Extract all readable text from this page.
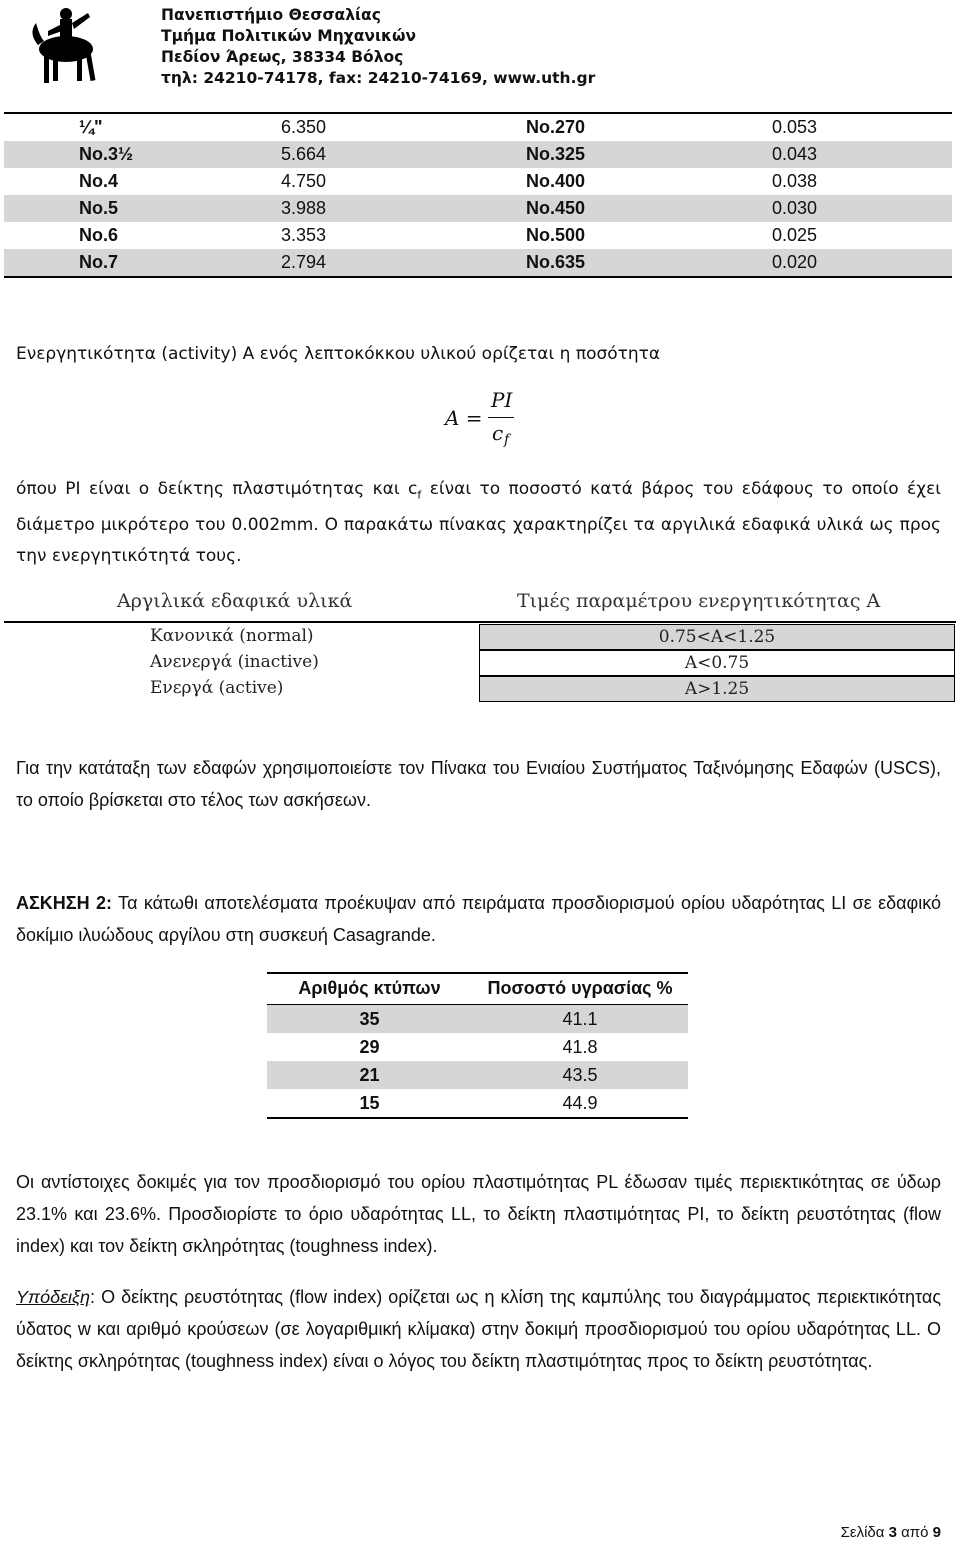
Πανεπιστήμιο Θεσσαλίας
Τμήμα Πολιτικών Μηχανικών
Πεδίον Άρεως, 38334 Βόλος
τηλ: 24210-74178, fax: 24210-74169, www.uth.gr
¼"	6.350	No.270	0.053
No.3½	5.664	No.325	0.043
No.4	4.750	No.400	0.038
No.5	3.988	No.450	0.030
No.6	3.353	No.500	0.025
No.7	2.794	No.635	0.020
Ενεργητικότητα (activity) A ενός λεπτοκόκκου υλικού ορίζεται η ποσότητα
A =
PI
c f
όπου PI είναι ο δείκτης πλαστιμότητας και $c_f$ είναι το ποσοστό κατά βάρος του εδάφους το οποίο έχει διάμετρο μικρότερο του 0.002mm. Ο παρακάτω πίνακας χαρακτηρίζει τα αργιλικά εδαφικά υλικά ως προς την ενεργητικότητά τους.
Αργιλικά εδαφικά υλικά	Τιμές παραμέτρου ενεργητικότητας A
Κανονικά (normal)	0.75<A<1.25
Ανενεργά (inactive)	A<0.75
Ενεργά (active)	A>1.25
Για την κατάταξη των εδαφών χρησιμοποιείστε τον Πίνακα του Ενιαίου Συστήματος Ταξινόμησης Εδαφών (USCS), το οποίο βρίσκεται στο τέλος των ασκήσεων.
ΑΣΚΗΣΗ 2: Τα κάτωθι αποτελέσματα προέκυψαν από πειράματα προσδιορισμού ορίου υδαρότητας LI σε εδαφικό δοκίμιο ιλυώδους αργίλου στη συσκευή Casagrande.
Αριθμός κτύπων	Ποσοστό υγρασίας %
35	41.1
29	41.8
21	43.5
15	44.9
Οι αντίστοιχες δοκιμές για τον προσδιορισμό του ορίου πλαστιμότητας PL έδωσαν τιμές περιεκτικότητας σε ύδωρ 23.1% και 23.6%. Προσδιορίστε το όριο υδαρότητας LL, το δείκτη πλαστιμότητας PI, το δείκτη ρευστότητας (flow index) και τον δείκτη σκληρότητας (toughness index).
Υπόδειξη: Ο δείκτης ρευστότητας (flow index) ορίζεται ως η κλίση της καμπύλης του διαγράμματος περιεκτικότητας ύδατος w και αριθμό κρούσεων (σε λογαριθμική κλίμακα) στην δοκιμή προσδιορισμού του ορίου υδαρότητας LL. Ο δείκτης σκληρότητας (toughness index) είναι ο λόγος του δείκτη πλαστιμότητας προς το δείκτη ρευστότητας.
Σελίδα 3 από 9
